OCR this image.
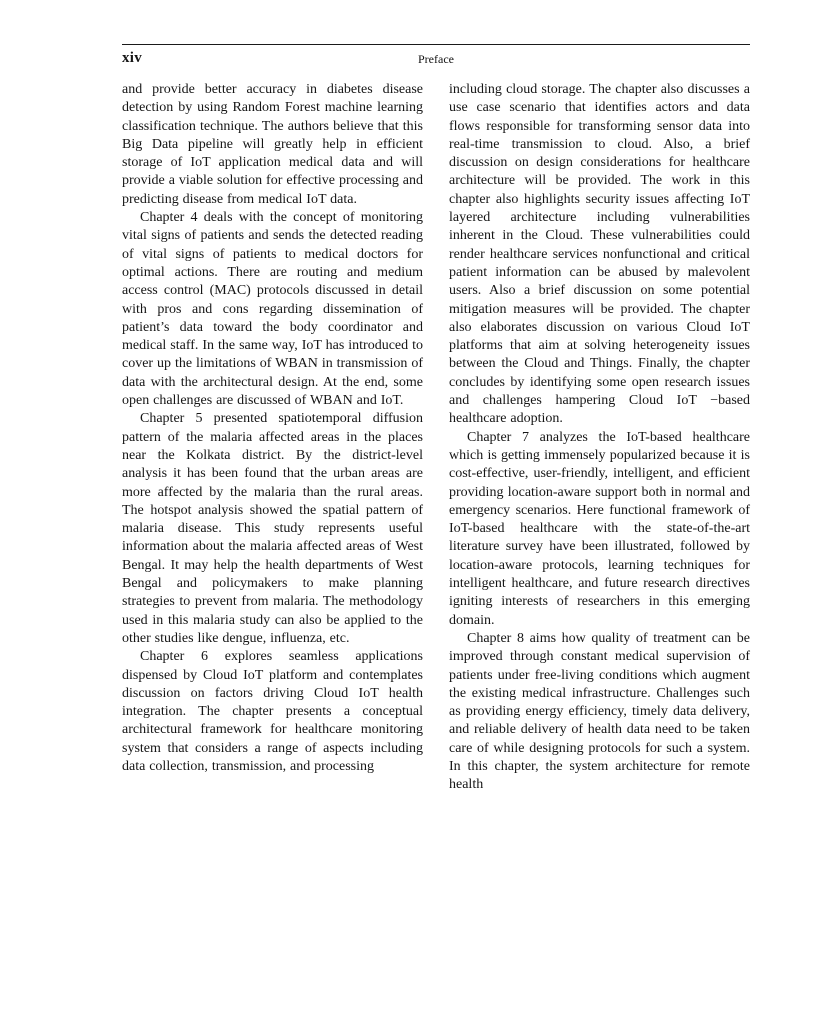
xiv	Preface

and provide better accuracy in diabetes disease detection by using Random Forest machine learning classification technique. The authors believe that this Big Data pipeline will greatly help in efficient storage of IoT application medical data and will provide a viable solution for effective processing and predicting disease from medical IoT data.

Chapter 4 deals with the concept of monitoring vital signs of patients and sends the detected reading of vital signs of patients to medical doctors for optimal actions. There are routing and medium access control (MAC) protocols discussed in detail with pros and cons regarding dissemination of patient’s data toward the body coordinator and medical staff. In the same way, IoT has introduced to cover up the limitations of WBAN in transmission of data with the architectural design. At the end, some open challenges are discussed of WBAN and IoT.

Chapter 5 presented spatiotemporal diffusion pattern of the malaria affected areas in the places near the Kolkata district. By the district-level analysis it has been found that the urban areas are more affected by the malaria than the rural areas. The hotspot analysis showed the spatial pattern of malaria disease. This study represents useful information about the malaria affected areas of West Bengal. It may help the health departments of West Bengal and policymakers to make planning strategies to prevent from malaria. The methodology used in this malaria study can also be applied to the other studies like dengue, influenza, etc.

Chapter 6 explores seamless applications dispensed by Cloud IoT platform and contemplates discussion on factors driving Cloud IoT health integration. The chapter presents a conceptual architectural framework for healthcare monitoring system that considers a range of aspects including data collection, transmission, and processing

including cloud storage. The chapter also discusses a use case scenario that identifies actors and data flows responsible for transforming sensor data into real-time transmission to cloud. Also, a brief discussion on design considerations for healthcare architecture will be provided. The work in this chapter also highlights security issues affecting IoT layered architecture including vulnerabilities inherent in the Cloud. These vulnerabilities could render healthcare services nonfunctional and critical patient information can be abused by malevolent users. Also a brief discussion on some potential mitigation measures will be provided. The chapter also elaborates discussion on various Cloud IoT platforms that aim at solving heterogeneity issues between the Cloud and Things. Finally, the chapter concludes by identifying some open research issues and challenges hampering Cloud IoT −based healthcare adoption.

Chapter 7 analyzes the IoT-based healthcare which is getting immensely popularized because it is cost-effective, user-friendly, intelligent, and efficient providing location-aware support both in normal and emergency scenarios. Here functional framework of IoT-based healthcare with the state-of-the-art literature survey have been illustrated, followed by location-aware protocols, learning techniques for intelligent healthcare, and future research directives igniting interests of researchers in this emerging domain.

Chapter 8 aims how quality of treatment can be improved through constant medical supervision of patients under free-living conditions which augment the existing medical infrastructure. Challenges such as providing energy efficiency, timely data delivery, and reliable delivery of health data need to be taken care of while designing protocols for such a system. In this chapter, the system architecture for remote health
